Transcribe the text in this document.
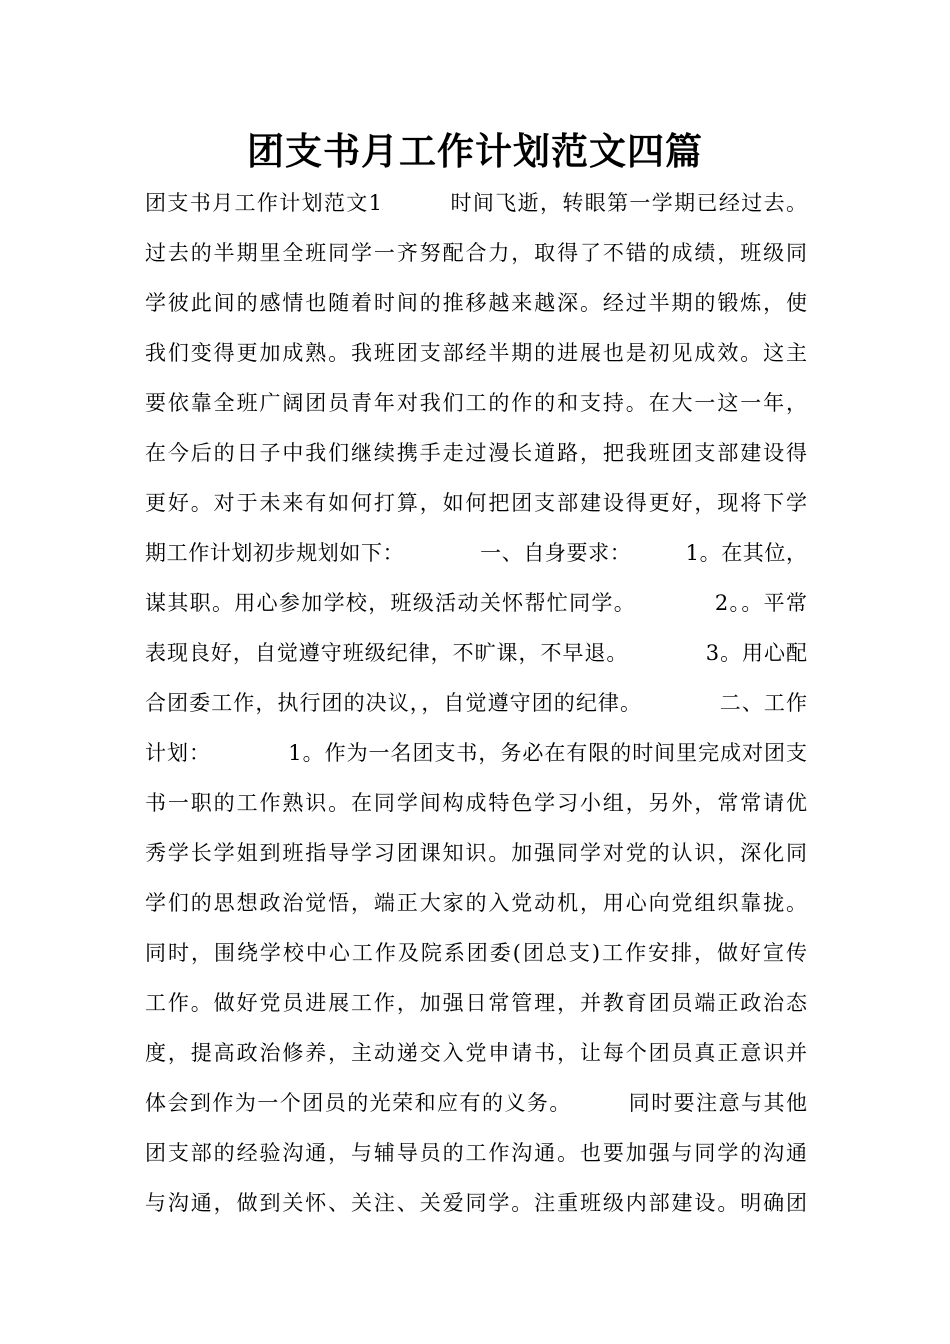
团支书月工作计划范文四篇
团支书月工作计划范文1　　　时间飞逝，转眼第一学期已经过去。
过去的半期里全班同学一齐努配合力，取得了不错的成绩，班级同
学彼此间的感情也随着时间的推移越来越深。经过半期的锻炼，使
我们变得更加成熟。我班团支部经半期的进展也是初见成效。这主
要依靠全班广阔团员青年对我们工的作的和支持。在大一这一年，
在今后的日子中我们继续携手走过漫长道路，把我班团支部建设得
更好。对于未来有如何打算，如何把团支部建设得更好，现将下学
期工作计划初步规划如下：　　　　一、自身要求：　　　1。在其位，
谋其职。用心参加学校，班级活动关怀帮忙同学。　　　　2。。平常
表现良好，自觉遵守班级纪律，不旷课，不早退。　　　　3。用心配
合团委工作，执行团的决议，，自觉遵守团的纪律。　　　　二、工作
计划：　　　　1。作为一名团支书，务必在有限的时间里完成对团支
书一职的工作熟识。在同学间构成特色学习小组，另外，常常请优
秀学长学姐到班指导学习团课知识。加强同学对党的认识，深化同
学们的思想政治觉悟，端正大家的入党动机，用心向党组织靠拢。
同时，围绕学校中心工作及院系团委(团总支)工作安排，做好宣传
工作。做好党员进展工作，加强日常管理，并教育团员端正政治态
度，提高政治修养，主动递交入党申请书，让每个团员真正意识并
体会到作为一个团员的光荣和应有的义务。　　　同时要注意与其他
团支部的经验沟通，与辅导员的工作沟通。也要加强与同学的沟通
与沟通，做到关怀、关注、关爱同学。注重班级内部建设。明确团
